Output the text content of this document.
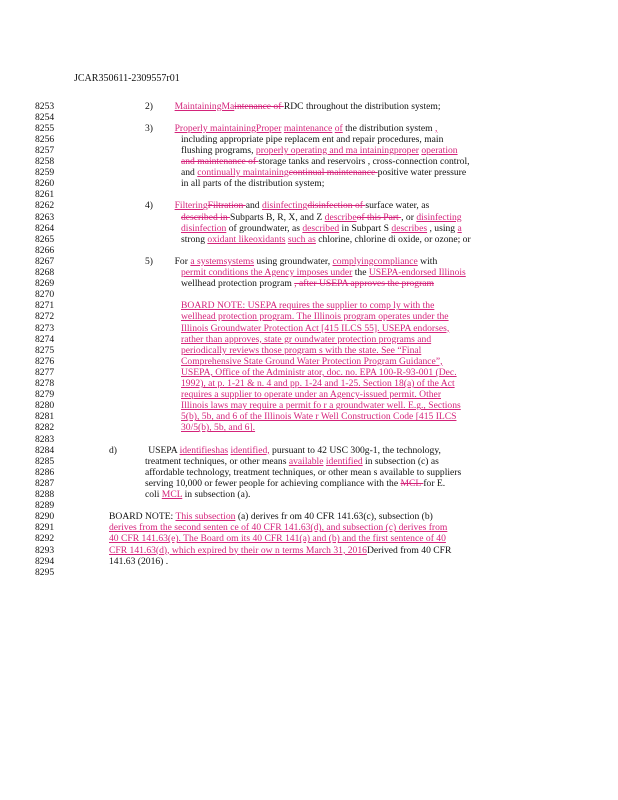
JCAR350611-2309557r01
8253	2)   MaintainingMaintenance of RDC throughout the distribution system;
8254
8255	3)   Properly maintainingProper maintenance of the distribution system ,
8256	including appropriate pipe replacem ent and repair procedures, main
8257	flushing programs, properly operating and ma intainingproper operation
8258	and maintenance of storage tanks and reservoirs , cross-connection control,
8259	and continually maintainingcontinual maintenance positive water pressure
8260	in all parts of the distribution system;
8261
8262	4)   FilteringFiltration and disinfectingdisinfection of surface water, as
8263	described in Subparts B, R, X, and Z describeof this Part , or disinfecting
8264	disinfection of groundwater, as described in Subpart S describes , using a
8265	strong oxidant likeoxidants such as chlorine, chlorine di oxide, or ozone; or
8266
8267	5)   For a systemsystems using groundwater, complyingcompliance with
8268	permit conditions the Agency imposes under the USEPA-endorsed Illinois
8269	wellhead protection program , after USEPA approves the program
8270
8271	BOARD NOTE: USEPA requires the supplier to comp ly with the
8272	wellhead protection program. The Illinois program operates under the
8273	Illinois Groundwater Protection Act [415 ILCS 55]. USEPA endorses,
8274	rather than approves, state gr oundwater protection programs and
8275	periodically reviews those program s with the state. See “Final
8276	Comprehensive State Ground Water Protection Program Guidance”,
8277	USEPA, Office of the Administr ator, doc. no. EPA 100-R-93-001 (Dec.
8278	1992), at p. 1-21 & n. 4 and pp. 1-24 and 1-25. Section 18(a) of the Act
8279	requires a supplier to operate under an Agency-issued permit. Other
8280	Illinois laws may require a permit fo r a groundwater well. E.g., Sections
8281	5(b), 5b, and 6 of the Illinois Wate r Well Construction Code [415 ILCS
8282	30/5(b), 5b, and 6].
8283
8284	d)   	USEPA identifieshas identified, pursuant to 42 USC 300g-1, the technology,
8285	treatment techniques, or other means available identified in subsection (c) as
8286	affordable technology, treatment techniques, or other mean s available to suppliers
8287	serving 10,000 or fewer people for achieving compliance with the MCL for E.
8288	coli MCL in subsection (a).
8289
8290	BOARD NOTE: This subsection (a) derives fr om 40 CFR 141.63(c), subsection (b)
8291	derives from the second senten ce of 40 CFR 141.63(d), and subsection (c) derives from
8292	40 CFR 141.63(e). The Board om its 40 CFR 141(a) and (b) and the first sentence of 40
8293	CFR 141.63(d), which expired by their ow n terms March 31, 2016Derived from 40 CFR
8294	141.63 (2016) .
8295
